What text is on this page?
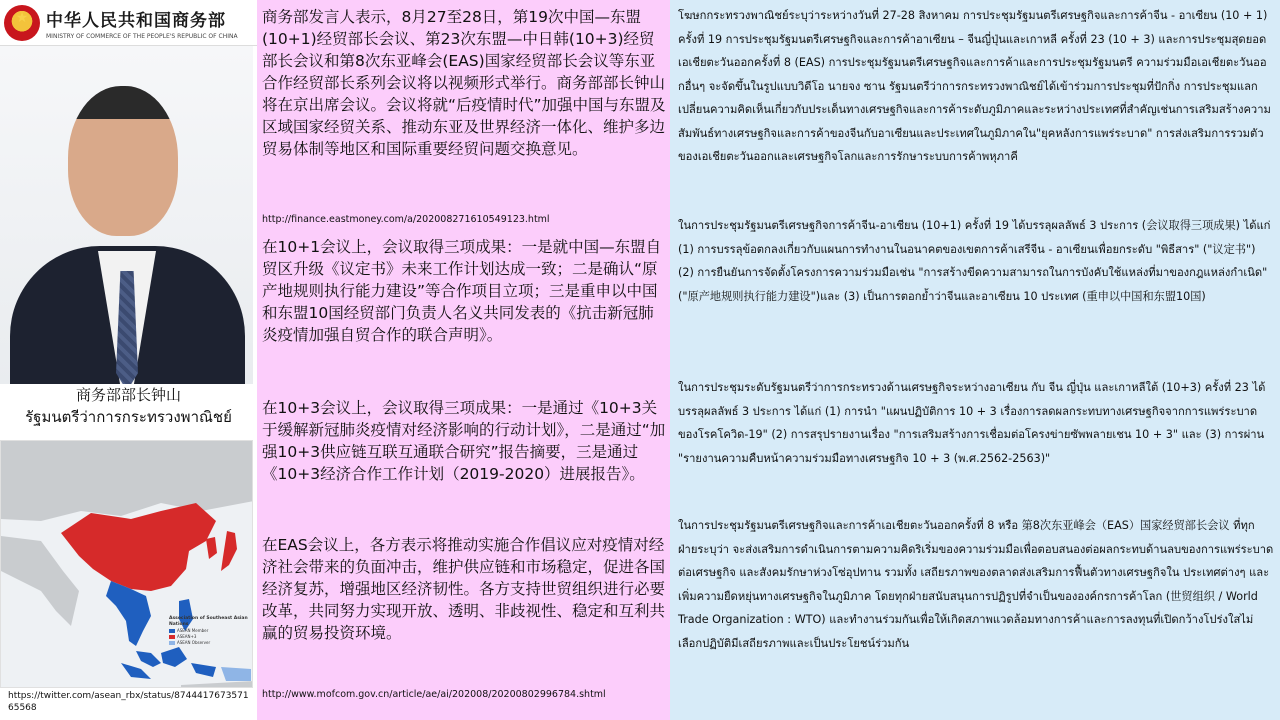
★
中华人民共和国商务部
MINISTRY OF COMMERCE OF THE PEOPLE'S REPUBLIC OF CHINA
商务部部长钟山
รัฐมนตรีว่าการกระทรวงพาณิชย์
Association of Southeast Asian Nations
ASEAN Member
ASEAN+3
ASEAN Observer
https://twitter.com/asean_rbx/status/874441767357165568

商务部发言人表示，8月27至28日，第19次中国—东盟(10+1)经贸部长会议、第23次东盟—中日韩(10+3)经贸部长会议和第8次东亚峰会(EAS)国家经贸部长会议等东亚合作经贸部长系列会议将以视频形式举行。商务部部长钟山将在京出席会议。会议将就“后疫情时代”加强中国与东盟及区域国家经贸关系、推动东亚及世界经济一体化、维护多边贸易体制等地区和国际重要经贸问题交换意见。

http://finance.eastmoney.com/a/202008271610549123.html

在10+1会议上，会议取得三项成果：一是就中国—东盟自贸区升级《议定书》未来工作计划达成一致；二是确认“原产地规则执行能力建设”等合作项目立项；三是重申以中国和东盟10国经贸部门负责人名义共同发表的《抗击新冠肺炎疫情加强自贸合作的联合声明》。

在10+3会议上，会议取得三项成果：一是通过《10+3关于缓解新冠肺炎疫情对经济影响的行动计划》，二是通过“加强10+3供应链互联互通联合研究”报告摘要，三是通过《10+3经济合作工作计划（2019-2020）进展报告》。

在EAS会议上，各方表示将推动实施合作倡议应对疫情对经济社会带来的负面冲击，维护供应链和市场稳定，促进各国经济复苏，增强地区经济韧性。各方支持世贸组织进行必要改革，共同努力实现开放、透明、非歧视性、稳定和互利共赢的贸易投资环境。

http://www.mofcom.gov.cn/article/ae/ai/202008/20200802996784.shtml

โฆษกกระทรวงพาณิชย์ระบุว่าระหว่างวันที่ 27-28 สิงหาคม การประชุมรัฐมนตรีเศรษฐกิจและการค้าจีน - อาเซียน (10 + 1) ครั้งที่ 19 การประชุมรัฐมนตรีเศรษฐกิจและการค้าอาเซียน – จีนญี่ปุ่นและเกาหลี ครั้งที่ 23 (10 + 3) และการประชุมสุดยอดเอเชียตะวันออกครั้งที่ 8 (EAS) การประชุมรัฐมนตรีเศรษฐกิจและการค้าและการประชุมรัฐมนตรี ความร่วมมือเอเชียตะวันออกอื่นๆ จะจัดขึ้นในรูปแบบวิดีโอ นายจง ซาน รัฐมนตรีว่าการกระทรวงพาณิชย์ได้เข้าร่วมการประชุมที่ปักกิ่ง การประชุมแลกเปลี่ยนความคิดเห็นเกี่ยวกับประเด็นทางเศรษฐกิจและการค้าระดับภูมิภาคและระหว่างประเทศที่สำคัญเช่นการเสริมสร้างความสัมพันธ์ทางเศรษฐกิจและการค้าของจีนกับอาเซียนและประเทศในภูมิภาคใน"ยุคหลังการแพร่ระบาด" การส่งเสริมการรวมตัวของเอเชียตะวันออกและเศรษฐกิจโลกและการรักษาระบบการค้าพหุภาคี

ในการประชุมรัฐมนตรีเศรษฐกิจการค้าจีน-อาเซียน (10+1) ครั้งที่ 19 ได้บรรลุผลลัพธ์ 3 ประการ (会议取得三项成果) ได้แก่ (1) การบรรลุข้อตกลงเกี่ยวกับแผนการทำงานในอนาคตของเขตการค้าเสรีจีน - อาเซียนเพื่อยกระดับ "พิธีสาร" ("议定书") (2) การยืนยันการจัดตั้งโครงการความร่วมมือเช่น "การสร้างขีดความสามารถในการบังคับใช้แหล่งที่มาของกฎแหล่งกำเนิด" ("原产地规则执行能力建设")และ (3) เป็นการตอกย้ำว่าจีนและอาเซียน 10 ประเทศ (重申以中国和东盟10国)

ในการประชุมระดับรัฐมนตรีว่าการกระทรวงด้านเศรษฐกิจระหว่างอาเซียน กับ จีน ญี่ปุ่น และเกาหลีใต้ (10+3) ครั้งที่ 23 ได้บรรลุผลลัพธ์ 3 ประการ ได้แก่ (1) การนำ "แผนปฏิบัติการ 10 + 3 เรื่องการลดผลกระทบทางเศรษฐกิจจากการแพร่ระบาดของโรคโควิด-19" (2) การสรุปรายงานเรื่อง "การเสริมสร้างการเชื่อมต่อโครงข่ายซัพพลายเชน 10 + 3" และ (3) การผ่าน "รายงานความคืบหน้าความร่วมมือทางเศรษฐกิจ 10 + 3 (พ.ศ.2562-2563)"

ในการประชุมรัฐมนตรีเศรษฐกิจและการค้าเอเชียตะวันออกครั้งที่ 8 หรือ 第8次东亚峰会（EAS）国家经贸部长会议 ที่ทุกฝ่ายระบุว่า จะส่งเสริมการดำเนินการตามความคิดริเริ่มของความร่วมมือเพื่อตอบสนองต่อผลกระทบด้านลบของการแพร่ระบาดต่อเศรษฐกิจ และสังคมรักษาห่วงโซ่อุปทาน รวมทั้ง เสถียรภาพของตลาดส่งเสริมการฟื้นตัวทางเศรษฐกิจใน ประเทศต่างๆ และเพิ่มความยืดหยุ่นทางเศรษฐกิจในภูมิภาค โดยทุกฝ่ายสนับสนุนการปฏิรูปที่จำเป็นขององค์กรการค้าโลก (世贸组织 / World Trade Organization : WTO) และทำงานร่วมกันเพื่อให้เกิดสภาพแวดล้อมทางการค้าและการลงทุนที่เปิดกว้างโปร่งใสไม่เลือกปฏิบัติมีเสถียรภาพและเป็นประโยชน์ร่วมกัน
